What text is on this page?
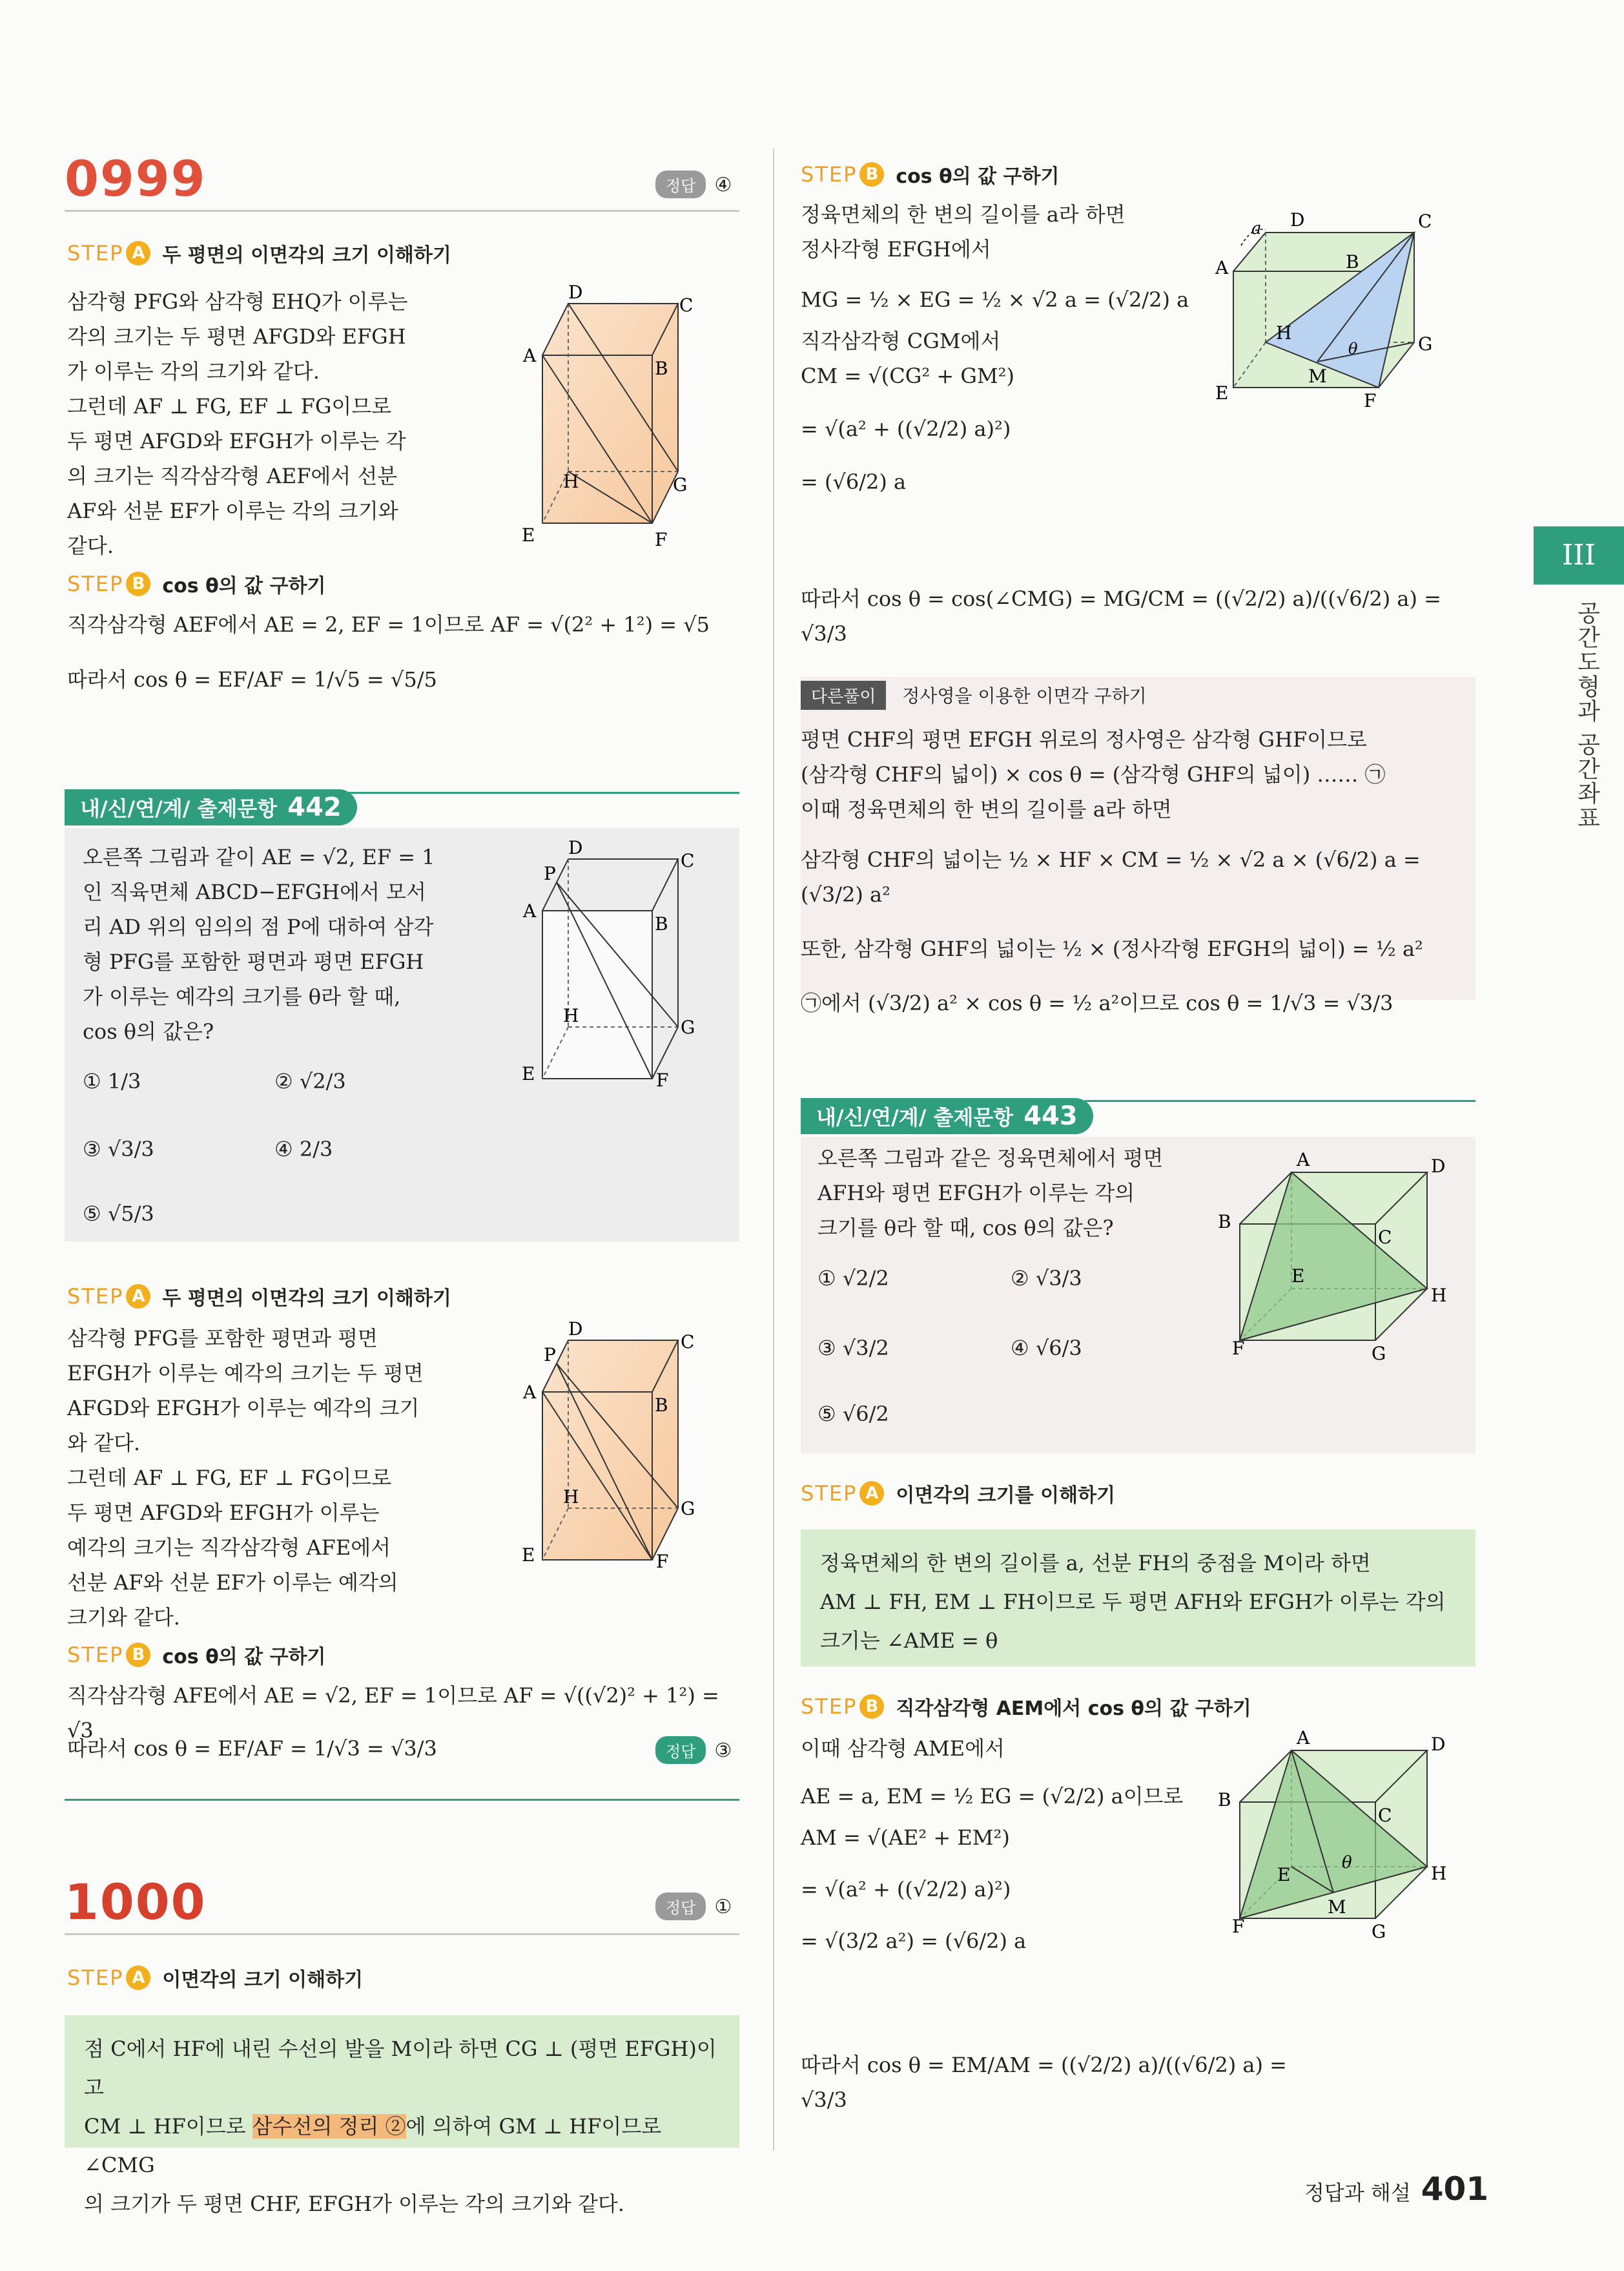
0999	정답 ④
STEP A 두 평면의 이면각의 크기 이해하기
삼각형 PFG와 삼각형 EHQ가 이루는
각의 크기는 두 평면 AFGD와 EFGH
가 이루는 각의 크기와 같다.
그런데 AF ⊥ FG, EF ⊥ FG이므로
두 평면 AFGD와 EFGH가 이루는 각
의 크기는 직각삼각형 AEF에서 선분
AF와 선분 EF가 이루는 각의 크기와
같다.
D
C
A
B
H	G
E	F
STEP B cos θ의 값 구하기
직각삼각형 AEF에서 AE = 2, EF = 1이므로 AF = √(2² + 1²) = √5
따라서 cos θ = EF/AF = 1/√5 = √5/5
내/신/연/계/ 출제문항 442
오른쪽 그림과 같이 AE = √2, EF = 1
인 직육면체 ABCD−EFGH에서 모서
리 AD 위의 임의의 점 P에 대하여 삼각
형 PFG를 포함한 평면과 평면 EFGH
가 이루는 예각의 크기를 θ라 할 때,
cos θ의 값은?
① 1/3	② √2/3
③ √3/3	④ 2/3
⑤ √5/3
D
C
P
A
B
H
G
E	F
STEP A 두 평면의 이면각의 크기 이해하기
삼각형 PFG를 포함한 평면과 평면
EFGH가 이루는 예각의 크기는 두 평면
AFGD와 EFGH가 이루는 예각의 크기
와 같다.
그런데 AF ⊥ FG, EF ⊥ FG이므로
두 평면 AFGD와 EFGH가 이루는
예각의 크기는 직각삼각형 AFE에서
선분 AF와 선분 EF가 이루는 예각의
크기와 같다.
D
C
P
A
B
H
G
E	F
STEP B cos θ의 값 구하기
직각삼각형 AFE에서 AE = √2, EF = 1이므로 AF = √((√2)² + 1²) = √3
따라서 cos θ = EF/AF = 1/√3 = √3/3	정답 ③
1000	정답 ①
STEP A 이면각의 크기 이해하기
점 C에서 HF에 내린 수선의 발을 M이라 하면 CG ⊥ (평면 EFGH)이고
CM ⊥ HF이므로 삼수선의 정리 ②에 의하여 GM ⊥ HF이므로 ∠CMG
의 크기가 두 평면 CHF, EFGH가 이루는 각의 크기와 같다.
STEP B cos θ의 값 구하기
정육면체의 한 변의 길이를 a라 하면
정사각형 EFGH에서
MG = ½ × EG = ½ × √2 a = (√2/2) a
직각삼각형 CGM에서
CM = √(CG² + GM²)
= √(a² + ((√2/2) a)²)
= (√6/2) a
따라서 cos θ = cos(∠CMG) = MG/CM = ((√2/2) a)/((√6/2) a) = √3/3
a D	C
A	B
H
G
θ
M
E	F
다른풀이 정사영을 이용한 이면각 구하기
평면 CHF의 평면 EFGH 위로의 정사영은 삼각형 GHF이므로
(삼각형 CHF의 넓이) × cos θ = (삼각형 GHF의 넓이) …… ㉠
이때 정육면체의 한 변의 길이를 a라 하면
삼각형 CHF의 넓이는 ½ × HF × CM = ½ × √2 a × (√6/2) a = (√3/2) a²
또한, 삼각형 GHF의 넓이는 ½ × (정사각형 EFGH의 넓이) = ½ a²
㉠에서 (√3/2) a² × cos θ = ½ a²이므로 cos θ = 1/√3 = √3/3
내/신/연/계/ 출제문항 443
오른쪽 그림과 같은 정육면체에서 평면
AFH와 평면 EFGH가 이루는 각의
크기를 θ라 할 때, cos θ의 값은?
① √2/2	② √3/3
③ √3/2	④ √6/3
⑤ √6/2
A	D
B
C
E
H
F	G
STEP A 이면각의 크기를 이해하기
정육면체의 한 변의 길이를 a, 선분 FH의 중점을 M이라 하면
AM ⊥ FH, EM ⊥ FH이므로 두 평면 AFH와 EFGH가 이루는 각의
크기는 ∠AME = θ
STEP B 직각삼각형 AEM에서 cos θ의 값 구하기
이때 삼각형 AME에서
AE = a, EM = ½ EG = (√2/2) a이므로
AM = √(AE² + EM²)
= √(a² + ((√2/2) a)²)
= √(3/2 a²) = (√6/2) a
따라서 cos θ = EM/AM = ((√2/2) a)/((√6/2) a) = √3/3
A	D
B
C
E
θ
M
H
F	G
III
공간도형과 공간좌표
정답과 해설 401
